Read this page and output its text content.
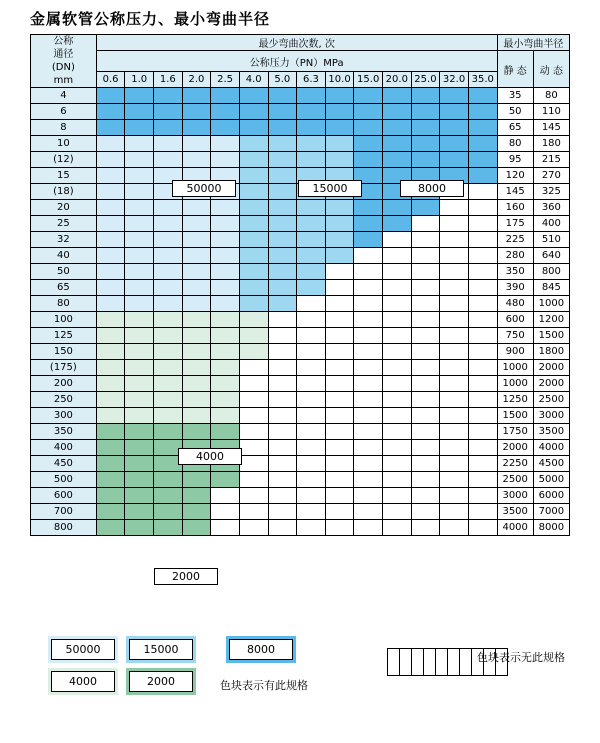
金属软管公称压力、最小弯曲半径
公称
通径
(DN)
mm	最少弯曲次数, 次														最小弯曲半径	
	公称压力（PN）MPa														静 态	动 态
	0.6	1.0	1.6	2.0	2.5	4.0	5.0	6.3	10.0	15.0	20.0	25.0	32.0	35.0		
4															35	80
6															50	110
8															65	145
10															80	180
(12)															95	215
15															120	270
(18)															145	325
20															160	360
25															175	400
32															225	510
40															280	640
50															350	800
65															390	845
80															480	1000
100															600	1200
125															750	1500
150															900	1800
(175)															1000	2000
200															1000	2000
250															1250	2500
300															1500	3000
350															1750	3500
400															2000	4000
450															2250	4500
500															2500	5000
600															3000	6000
700															3500	7000
800															4000	8000
50000	15000	8000
4000
2000
50000	15000	8000
4000	2000	色块表示有此规格

色块表示无此规格
